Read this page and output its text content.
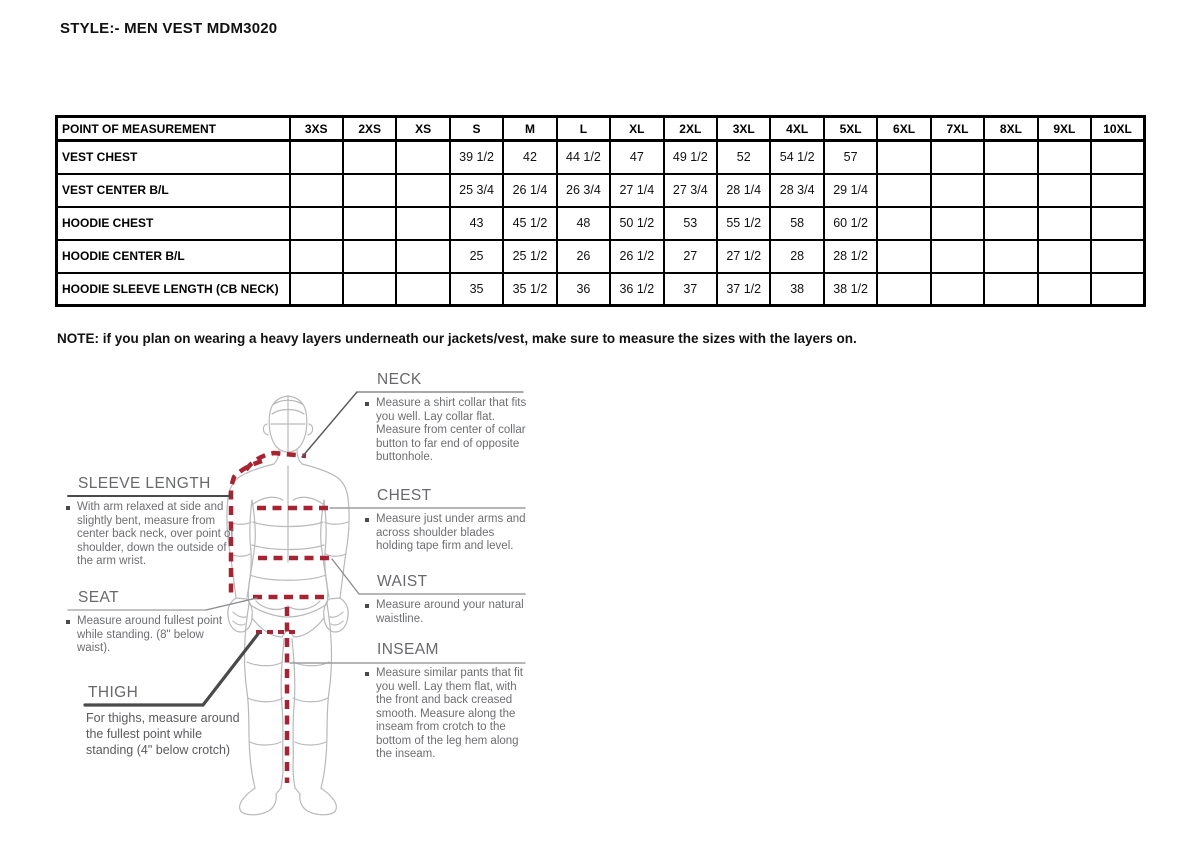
STYLE:- MEN VEST MDM3020
POINT OF MEASUREMENT	3XS	2XS	XS	S	M	L	XL	2XL	3XL	4XL	5XL	6XL	7XL	8XL	9XL	10XL
VEST CHEST				39 1/2	42	44 1/2	47	49 1/2	52	54 1/2	57					
VEST CENTER B/L				25 3/4	26 1/4	26 3/4	27 1/4	27 3/4	28 1/4	28 3/4	29 1/4					
HOODIE CHEST				43	45 1/2	48	50 1/2	53	55 1/2	58	60 1/2					
HOODIE CENTER B/L				25	25 1/2	26	26 1/2	27	27 1/2	28	28 1/2					
HOODIE SLEEVE LENGTH (CB NECK)				35	35 1/2	36	36 1/2	37	37 1/2	38	38 1/2					
NOTE: if you plan on wearing a heavy layers underneath our jackets/vest, make sure to measure the sizes with the layers on.
NECK
Measure a shirt collar that fits you well. Lay collar flat. Measure from center of collar button to far end of opposite buttonhole.
CHEST
Measure just under arms and across shoulder blades holding tape firm and level.
WAIST
Measure around your natural waistline.
INSEAM
Measure similar pants that fit you well. Lay them flat, with the front and back creased smooth. Measure along the inseam from crotch to the bottom of the leg hem along the inseam.
SLEEVE LENGTH
With arm relaxed at side and slightly bent, measure from center back neck, over point of shoulder, down the outside of the arm wrist.
SEAT
Measure around fullest point while standing. (8" below waist).
THIGH
For thighs, measure around the fullest point while standing (4" below crotch)
